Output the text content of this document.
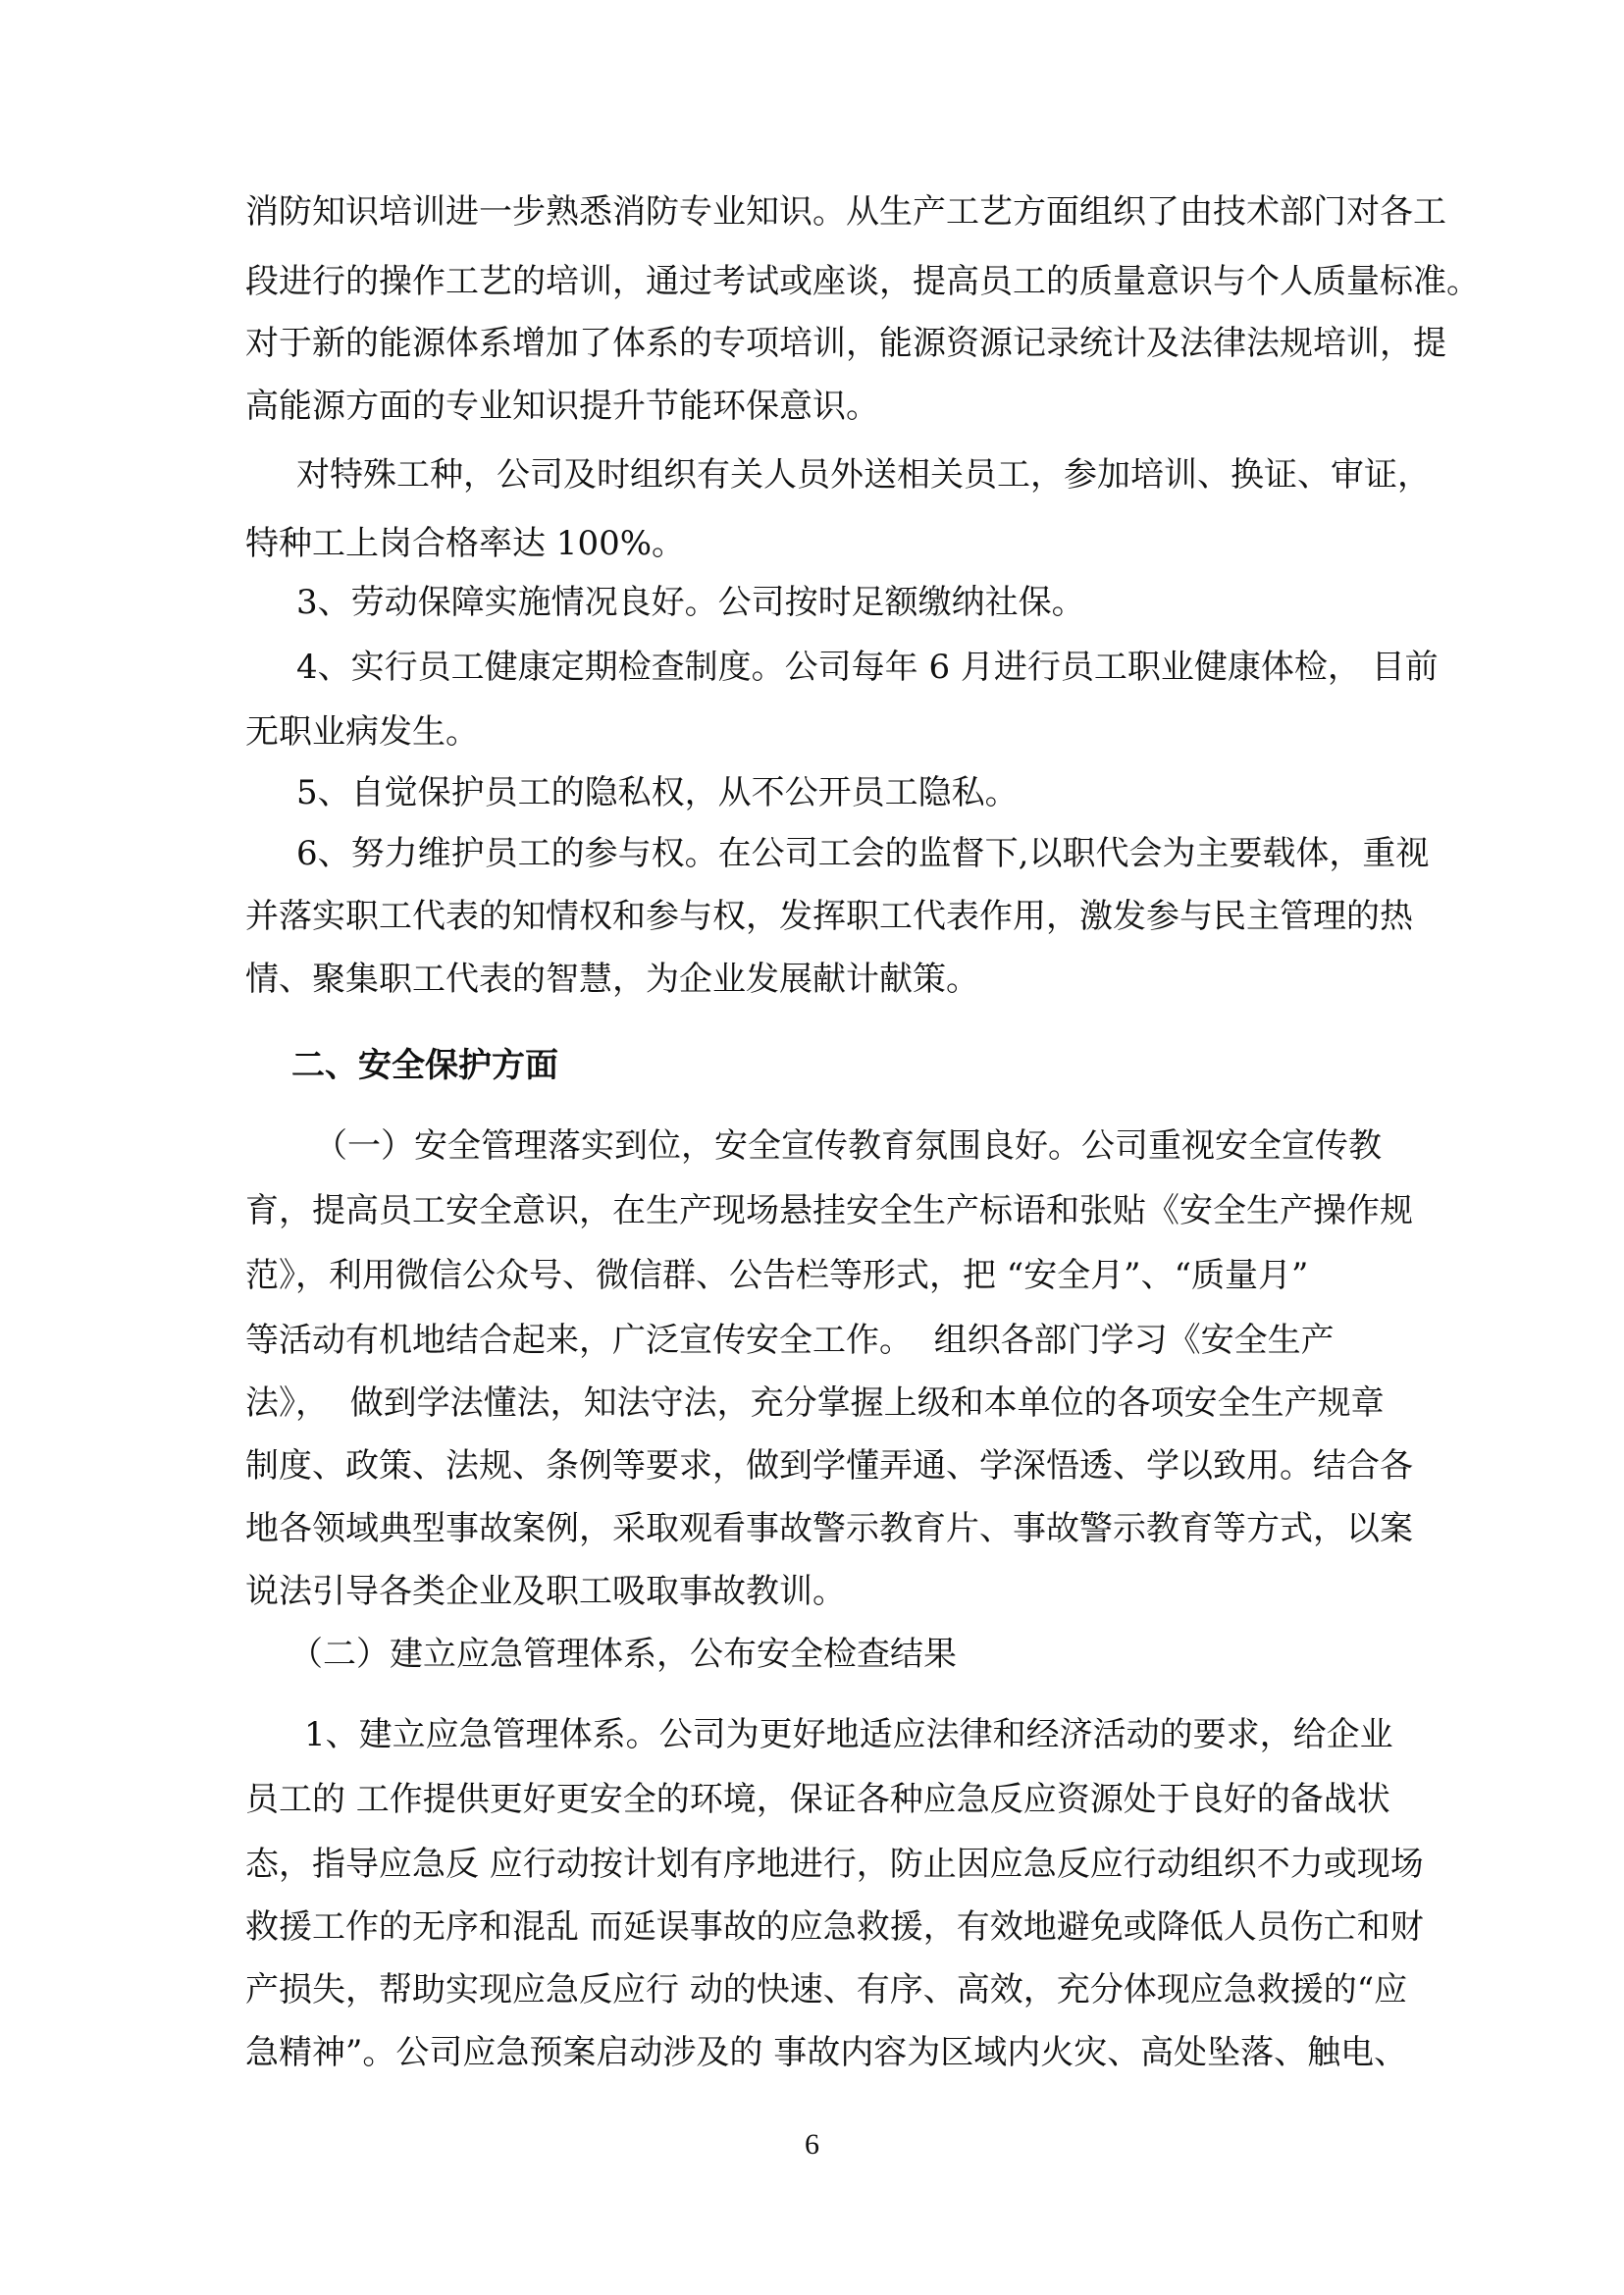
消防知识培训进一步熟悉消防专业知识。从生产工艺方面组织了由技术部门对各工
段进行的操作工艺的培训，通过考试或座谈，提高员工的质量意识与个人质量标准。
对于新的能源体系增加了体系的专项培训，能源资源记录统计及法律法规培训，提
高能源方面的专业知识提升节能环保意识。
对特殊工种，公司及时组织有关人员外送相关员工，参加培训、换证、审证，
特种工上岗合格率达 100%。
3、劳动保障实施情况良好。公司按时足额缴纳社保。
4、实行员工健康定期检查制度。公司每年 6 月进行员工职业健康体检， 目前
无职业病发生。
5、自觉保护员工的隐私权，从不公开员工隐私。
6、努力维护员工的参与权。在公司工会的监督下,以职代会为主要载体，重视
并落实职工代表的知情权和参与权，发挥职工代表作用，激发参与民主管理的热
情、聚集职工代表的智慧，为企业发展献计献策。
二、安全保护方面
（一）安全管理落实到位，安全宣传教育氛围良好。公司重视安全宣传教
育，提高员工安全意识，在生产现场悬挂安全生产标语和张贴《安全生产操作规
范》，利用微信公众号、微信群、公告栏等形式，把 “安全月”、“质量月”
等活动有机地结合起来，广泛宣传安全工作。  组织各部门学习《安全生产
法》，  做到学法懂法，知法守法，充分掌握上级和本单位的各项安全生产规章
制度、政策、法规、条例等要求，做到学懂弄通、学深悟透、学以致用。结合各
地各领域典型事故案例，采取观看事故警示教育片、事故警示教育等方式，以案
说法引导各类企业及职工吸取事故教训。
（二）建立应急管理体系，公布安全检查结果
1、建立应急管理体系。公司为更好地适应法律和经济活动的要求，给企业
员工的 工作提供更好更安全的环境，保证各种应急反应资源处于良好的备战状
态，指导应急反 应行动按计划有序地进行，防止因应急反应行动组织不力或现场
救援工作的无序和混乱 而延误事故的应急救援，有效地避免或降低人员伤亡和财
产损失，帮助实现应急反应行 动的快速、有序、高效，充分体现应急救援的“应
急精神”。公司应急预案启动涉及的 事故内容为区域内火灾、高处坠落、触电、
6
